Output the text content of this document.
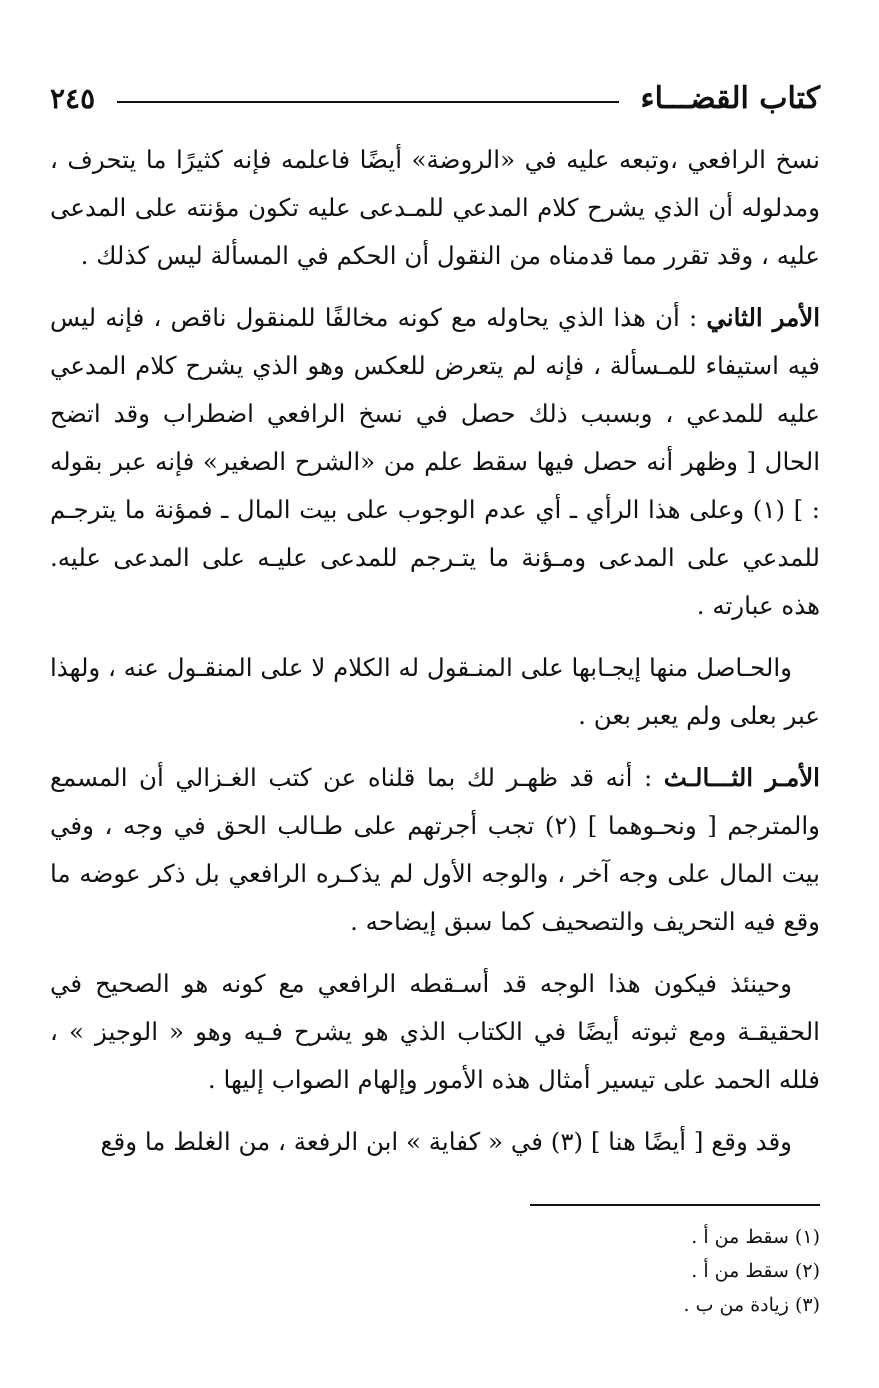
كتاب القضـــاء
٢٤٥

نسخ الرافعي ،وتبعه عليه في «الروضة» أيضًا فاعلمه فإنه كثيرًا ما يتحرف ، ومدلوله أن الذي يشرح كلام المدعي للمـدعى عليه تكون مؤنته على المدعى عليه ، وقد تقرر مما قدمناه من النقول أن الحكم في المسألة ليس كذلك .

الأمر الثاني : أن هذا الذي يحاوله مع كونه مخالفًا للمنقول ناقص ، فإنه ليس فيه استيفاء للمـسألة ، فإنه لم يتعرض للعكس وهو الذي يشرح كلام المدعي عليه للمدعي ، وبسبب ذلك حصل في نسخ الرافعي اضطراب وقد اتضح الحال [ وظهر أنه حصل فيها سقط علم من «الشرح الصغير» فإنه عبر بقوله : ] (١) وعلى هذا الرأي ـ أي عدم الوجوب على بيت المال ـ فمؤنة ما يترجـم للمدعي على المدعى ومـؤنة ما يتـرجم للمدعى عليـه على المدعى عليه. هذه عبارته .

والحـاصل منها إيجـابها على المنـقول له الكلام لا على المنقـول عنه ، ولهذا عبر بعلى ولم يعبر بعن .

الأمـر الثـــالـث : أنه قد ظهـر لك بما قلناه عن كتب الغـزالي أن المسمع والمترجم [ ونحـوهما ] (٢) تجب أجرتهم على طـالب الحق في وجه ، وفي بيت المال على وجه آخر ، والوجه الأول لم يذكـره الرافعي بل ذكر عوضه ما وقع فيه التحريف والتصحيف كما سبق إيضاحه .

وحينئذ فيكون هذا الوجه قد أسـقطه الرافعي مع كونه هو الصحيح في الحقيقـة ومع ثبوته أيضًا في الكتاب الذي هو يشرح فـيه وهو « الوجيز » ، فلله الحمد على تيسير أمثال هذه الأمور وإلهام الصواب إليها .

وقد وقع [ أيضًا هنا ] (٣) في « كفاية » ابن الرفعة ، من الغلط ما وقع

(١) سقط من أ .

(٢) سقط من أ .

(٣) زيادة من ب .
